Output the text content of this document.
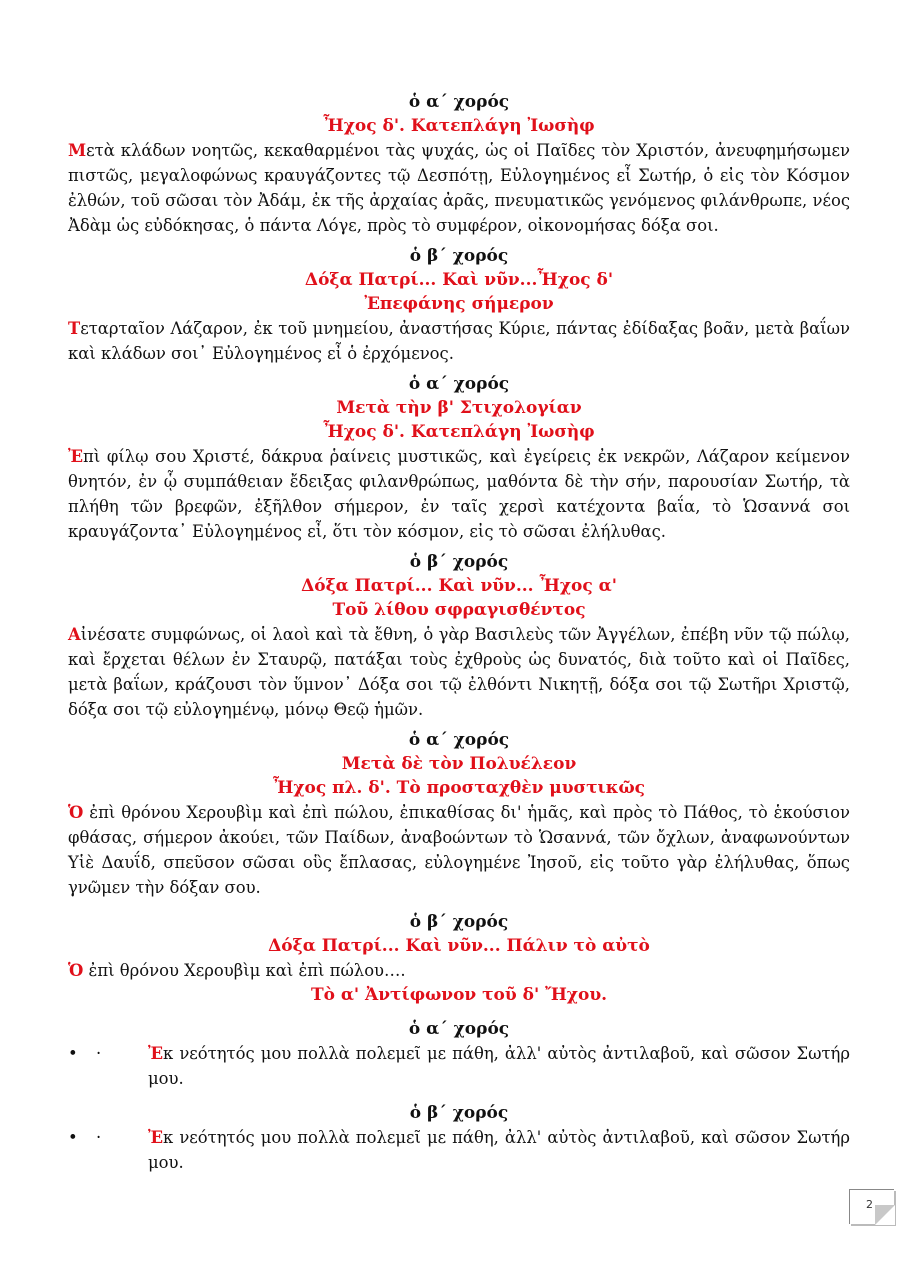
ὁ α΄ χορός
Ἦχος δ'. Κατεπλάγη Ἰωσὴφ
Μετὰ κλάδων νοητῶς, κεκαθαρμένοι τὰς ψυχάς, ὡς οἱ Παῖδες τὸν Χριστόν, ἀνευφημήσωμεν πιστῶς, μεγαλοφώνως κραυγάζοντες τῷ Δεσπότῃ, Εὐλογημένος εἶ Σωτήρ, ὁ εἰς τὸν Κόσμον ἐλθών, τοῦ σῶσαι τὸν Ἀδάμ, ἐκ τῆς ἀρχαίας ἀρᾶς, πνευματικῶς γενόμενος φιλάνθρωπε, νέος Ἀδὰμ ὡς εὐδόκησας, ὁ πάντα Λόγε, πρὸς τὸ συμφέρον, οἰκονομήσας δόξα σοι.
ὁ β΄ χορός
Δόξα Πατρί... Καὶ νῦν...Ἦχος δ'
Ἐπεφάνης σήμερον
Τεταρταῖον Λάζαρον, ἐκ τοῦ μνημείου, ἀναστήσας Κύριε, πάντας ἐδίδαξας βοᾶν, μετὰ βαΐων καὶ κλάδων σοι᾿ Εὐλογημένος εἶ ὁ ἐρχόμενος.
ὁ α΄ χορός
Μετὰ τὴν β' Στιχολογίαν
Ἦχος δ'. Κατεπλάγη Ἰωσὴφ
Ἐπὶ φίλῳ σου Χριστέ, δάκρυα ῥαίνεις μυστικῶς, καὶ ἐγείρεις ἐκ νεκρῶν, Λάζαρον κείμενον θνητόν, ἐν ᾧ συμπάθειαν ἔδειξας φιλανθρώπως, μαθόντα δὲ τὴν σήν, παρουσίαν Σωτήρ, τὰ πλήθη τῶν βρεφῶν, ἐξῆλθον σήμερον, ἐν ταῖς χερσὶ κατέχοντα βαΐα, τὸ Ὡσαννά σοι κραυγάζοντα᾿ Εὐλογημένος εἶ, ὅτι τὸν κόσμον, εἰς τὸ σῶσαι ἐλήλυθας.
ὁ β΄ χορός
Δόξα Πατρί... Καὶ νῦν... Ἦχος α'
Τοῦ λίθου σφραγισθέντος
Αἰνέσατε συμφώνως, οἱ λαοὶ καὶ τὰ ἔθνη, ὁ γὰρ Βασιλεὺς τῶν Ἀγγέλων, ἐπέβη νῦν τῷ πώλῳ, καὶ ἔρχεται θέλων ἐν Σταυρῷ, πατάξαι τοὺς ἐχθροὺς ὡς δυνατός, διὰ τοῦτο καὶ οἱ Παῖδες, μετὰ βαΐων, κράζουσι τὸν ὕμνον᾿ Δόξα σοι τῷ ἐλθόντι Νικητῇ, δόξα σοι τῷ Σωτῆρι Χριστῷ, δόξα σοι τῷ εὐλογημένῳ, μόνῳ Θεῷ ἡμῶν.
ὁ α΄ χορός
Μετὰ δὲ τὸν Πολυέλεον
Ἦχος πλ. δ'. Τὸ προσταχθὲν μυστικῶς
Ὁ ἐπὶ θρόνου Χερουβὶμ καὶ ἐπὶ πώλου, ἐπικαθίσας δι' ἡμᾶς, καὶ πρὸς τὸ Πάθος, τὸ ἑκούσιον φθάσας, σήμερον ἀκούει, τῶν Παίδων, ἀναβοώντων τὸ Ὡσαννά, τῶν ὄχλων, ἀναφωνούντων Υἱὲ Δαυΐδ, σπεῦσον σῶσαι οὓς ἔπλασας, εὐλογημένε Ἰησοῦ, εἰς τοῦτο γὰρ ἐλήλυθας, ὅπως γνῶμεν τὴν δόξαν σου.
ὁ β΄ χορός
Δόξα Πατρί... Καὶ νῦν... Πάλιν τὸ αὐτὸ
Ὁ ἐπὶ θρόνου Χερουβὶμ καὶ ἐπὶ πώλου….
Τὸ α' Ἀντίφωνον τοῦ δ' Ἤχου.
ὁ α΄ χορός
•	·	Ἐκ νεότητός μου πολλὰ πολεμεῖ με πάθη, ἀλλ' αὐτὸς ἀντιλαβοῦ, καὶ σῶσον Σωτήρ μου.
ὁ β΄ χορός
•	·	Ἐκ νεότητός μου πολλὰ πολεμεῖ με πάθη, ἀλλ' αὐτὸς ἀντιλαβοῦ, καὶ σῶσον Σωτήρ μου.
2
